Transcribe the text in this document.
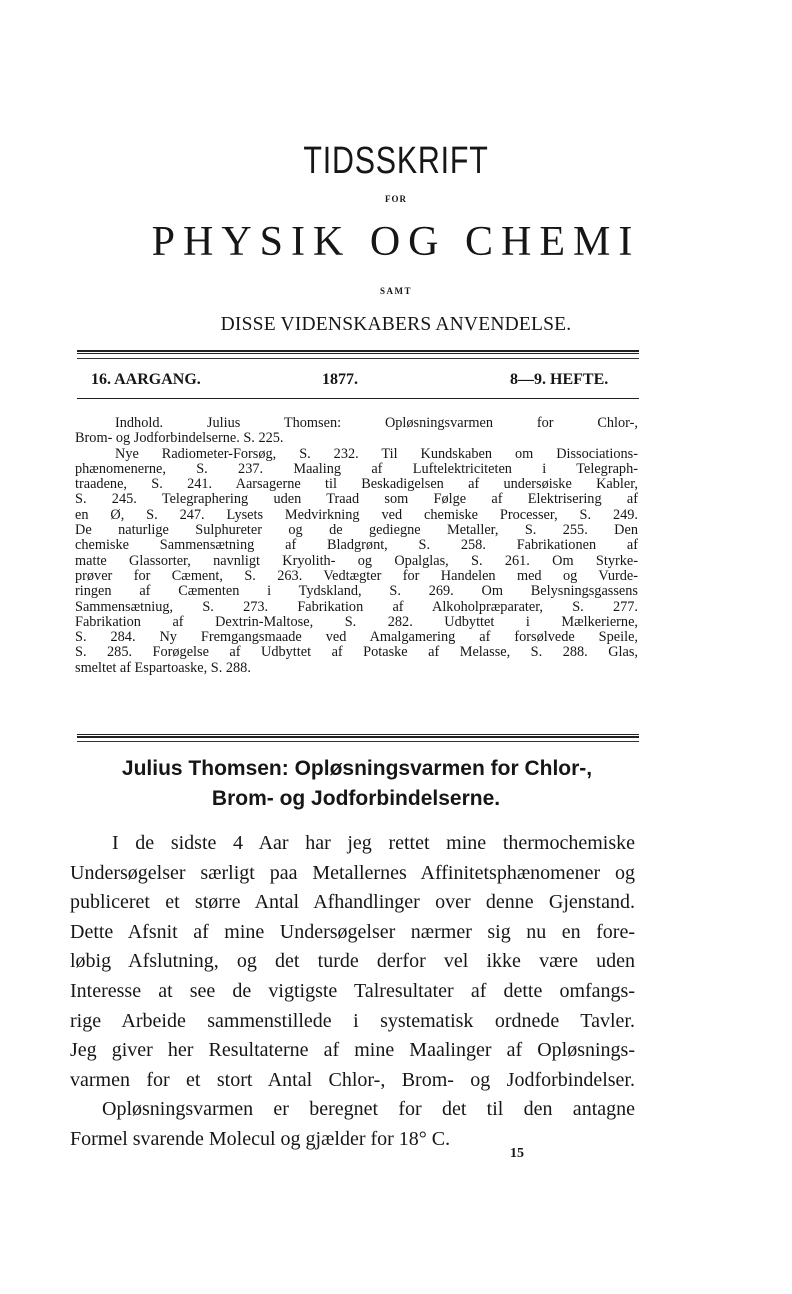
TIDSSKRIFT
FOR
PHYSIK OG CHEMI
SAMT
DISSE VIDENSKABERS ANVENDELSE.
16. AARGANG.	1877.	8—9. HEFTE.
Indhold. Julius Thomsen: Opløsningsvarmen for Chlor-,
Brom- og Jodforbindelserne. S. 225.
Nye Radiometer-Forsøg, S. 232. Til Kundskaben om Dissociations-
phænomenerne, S. 237. Maaling af Luftelektriciteten i Telegraph-
traadene, S. 241. Aarsagerne til Beskadigelsen af undersøiske Kabler,
S. 245. Telegraphering uden Traad som Følge af Elektrisering af
en Ø, S. 247. Lysets Medvirkning ved chemiske Processer, S. 249.
De naturlige Sulphureter og de gediegne Metaller, S. 255. Den
chemiske Sammensætning af Bladgrønt, S. 258. Fabrikationen af
matte Glassorter, navnligt Kryolith- og Opalglas, S. 261. Om Styrke-
prøver for Cæment, S. 263. Vedtægter for Handelen med og Vurde-
ringen af Cæmenten i Tydskland, S. 269. Om Belysningsgassens
Sammensætniug, S. 273. Fabrikation af Alkoholpræparater, S. 277.
Fabrikation af Dextrin-Maltose, S. 282. Udbyttet i Mælkerierne,
S. 284. Ny Fremgangsmaade ved Amalgamering af forsølvede Speile,
S. 285. Forøgelse af Udbyttet af Potaske af Melasse, S. 288. Glas,
smeltet af Espartoaske, S. 288.
Julius Thomsen: Opløsningsvarmen for Chlor-,
Brom- og Jodforbindelserne.
I de sidste 4 Aar har jeg rettet mine thermochemiske
Undersøgelser særligt paa Metallernes Affinitetsphænomener og
publiceret et større Antal Afhandlinger over denne Gjenstand.
Dette Afsnit af mine Undersøgelser nærmer sig nu en fore-
løbig Afslutning, og det turde derfor vel ikke være uden
Interesse at see de vigtigste Talresultater af dette omfangs-
rige Arbeide sammenstillede i systematisk ordnede Tavler.
Jeg giver her Resultaterne af mine Maalinger af Opløsnings-
varmen for et stort Antal Chlor-, Brom- og Jodforbindelser.
Opløsningsvarmen er beregnet for det til den antagne
Formel svarende Molecul og gjælder for 18° C.
15
